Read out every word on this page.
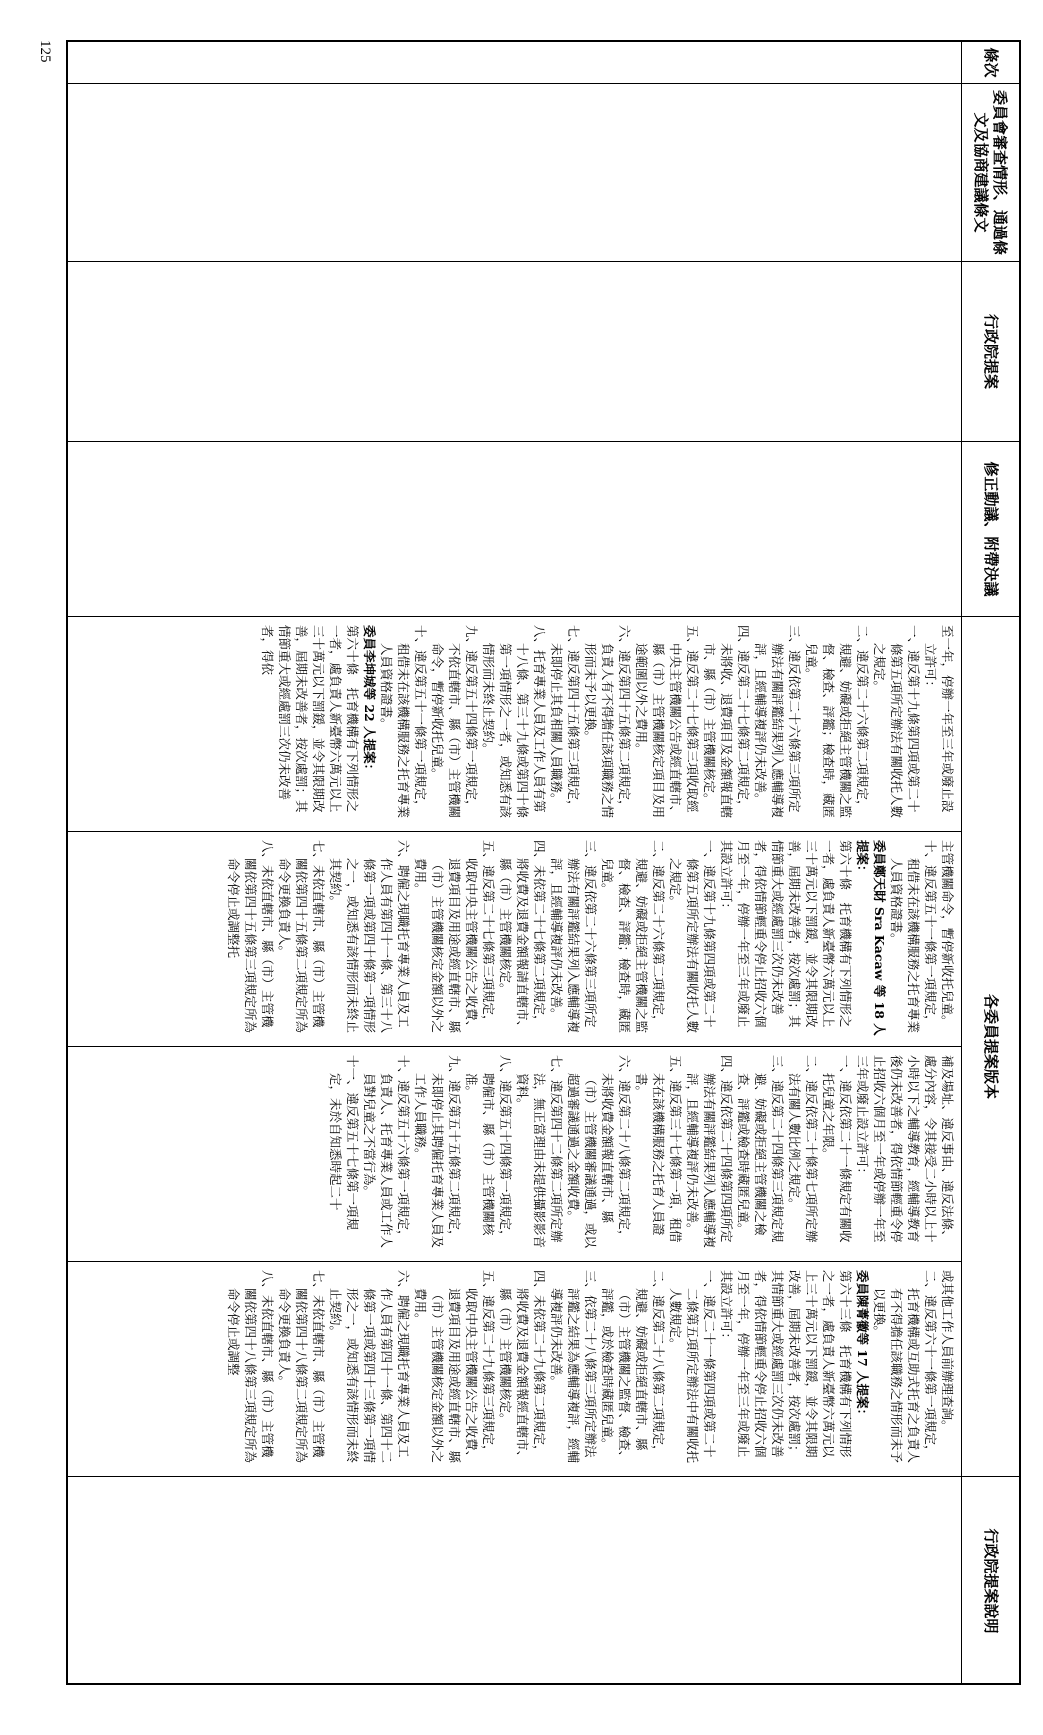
條次
委員會審查情形、通過條文及協商建議條文
行政院提案
修正動議、附帶決議
各委員提案版本
行政院提案說明

至一年，停辦一年至三年或廢止設立許可：

一、違反第十九條第四項或第二十條第五項所定辦法有關收托人數之規定。

二、違反第二十六條第二項規定，規避、妨礙或拒絕主管機關之監督、檢查、評鑑；檢查時，藏匿兒童。

三、違反依第二十六條第三項所定辦法有關評鑑結果列入應輔導複評，且經輔導複評仍未改善。

四、違反第二十七條第二項規定，未將收、退費項目及金額報直轄市、縣（市）主管機關核定。

五、違反第二十七條第三項收取經中央主管機關公告或經直轄市、縣（市）主管機關核定項目及用途範圍以外之費用。

六、違反第四十五條第二項規定，負責人有不得擔任該項職務之情形而未予以更換。

七、違反第四十五條第三項規定，未即停止其負相關人員職務。

八、托育專業人員及工作人員有第十八條、第三十九條或第四十條第一項情形之一者，或知悉有該情形而未終止契約。

九、違反第五十四條第一項規定，不依直轄市、縣（市）主管機關命令，暫停新收托兒童。

十、違反第五十一條第一項規定，租借未在該機構服務之托育專業人員資格證書。

委員李坤城等 22 人提案：

第六十條　托育機構有下列情形之一者，處負責人新臺幣六萬元以上三十萬元以下罰鍰，並令其限期改善，屆期未改善者，按次處罰；其情節重大或經處罰三次仍未改善者，得依

主管機關命令，暫停新收托兒童。

十、違反第五十一條第一項規定，租借未在該機構服務之托育專業人員資格證書。

委員鄭天財 Sra Kacaw 等 18 人提案：

第六十條　托育機構有下列情形之一者，處負責人新臺幣六萬元以上三十萬元以下罰鍰，並令其限期改善，屆期未改善者，按次處罰；其情節重大或經處罰三次仍未改善者，得依情節輕重令停止招收六個月至一年，停辦一年至三年或廢止其設立許可：

一、違反第十九條第四項或第二十條第五項所定辦法有關收托人數之規定。

二、違反第二十六條第二項規定，規避、妨礙或拒絕主管機關之監督、檢查、評鑑；檢查時，藏匿兒童。

三、違反依第二十六條第三項所定辦法有關評鑑結果列入應輔導複評，且經輔導複評仍未改善。

四、未依第二十七條第二項規定，將收費及退費金額報請直轄市、縣（市）主管機關核定。

五、違反第二十七條第三項規定，收取中央主管機關公告之收費、退費項目及用途或經直轄市、縣（市）主管機關核定金額以外之費用。

六、聘僱之現職托育專業人員及工作人員有第四十一條、第三十八條第一項或第四十條第一項情形之一，或知悉有該情形而未終止其契約。

七、未依直轄市、縣（市）主管機關依第四十五條第二項規定所為命令更換負責人。

八、未依直轄市、縣（市）主管機關依第四十五條第三項規定所為命令停止或調整托

補及場址、違反事由、違反法條、處分內容，令其接受二小時以上十小時以下之輔導教育，經輔導教育後仍未改善者，得依情節輕重令停止招收六個月至一年或停辦一年至三年或廢止設立許可：

一、違反依第二十一條規定有關收托兒童之年限。

二、違反依第二十條第七項所定辦法有關人數比例之規定。

三、違反第二十四條第三項規定規避、妨礙或拒絕主管機關之檢查、評鑑或檢查時藏匿兒童。

四、違反依第二十四條第四項所定辦法有關評鑑結果列入應輔導複評，且經輔導複評仍未改善。

五、違反第三十七條第一項，租借未在該機構服務之托育人員證書。

六、違反第二十八條第二項規定，未將收費金額報直轄市、縣（市）主管機關審議通過，或以超過審議通過之金額收費。

七、違反第四十二條第二項所定辦法，無正當理由未提供攝影影音資料。

八、違反第五十四條第一項規定，聘僱市、縣（市）主管機關核准。

九、違反第五十五條第二項規定，未即停止其聘僱托育專業人員及工作人員職務。

十、違反第五十六條第一項規定，負責人、托育專業人員或工作人員對兒童之不當行為。

十一、違反第五十七條第一項規定，未於自知悉時起二十

或其他工作人員前辦理查詢。

二、違反第六十一條第一項規定，托育機構或互助式托育之負責人有不得擔任該職務之情形而未予以更換。

委員陳菁徽等 17 人提案：

第六十三條　托育機構有下列情形之一者，處負責人新臺幣六萬元以上三十萬元以下罰鍰，並令其限期改善，屆期未改善者，按次處罰；其情節重大或經處罰三次仍未改善者，得依情節輕重令停止招收六個月至一年，停辦一年至三年或廢止其設立許可：

一、違反二十一條第四項或第二十二條第五項所定辦法中有關收托人數規定。

二、違反第二十八條第二項規定，規避、妨礙或拒絕直轄市、縣（市）主管機關之監督、檢查、評鑑，或於檢查時藏匿兒童。

三、依第二十八條第三項所定辦法評鑑之結果為應輔導複評，經輔導複評仍未改善。

四、未依第二十九條第二項規定，將收費及退費金額報經直轄市、縣（市）主管機關核定。

五、違反第二十九條第三項規定，收取中央主管機關公告之收費、退費項目及用途或經直轄市、縣（市）主管機關核定金額以外之費用。

六、聘僱之現職托育專業人員及工作人員有第四十一條、第四十二條第一項或第四十三條第一項情形之一，或知悉有該情形而未終止契約。

七、未依直轄市、縣（市）主管機關依第四十八條第二項規定所為命令更換負責人。

八、未依直轄市、縣（市）主管機關依第四十八條第三項規定所為命令停止或調整

125
